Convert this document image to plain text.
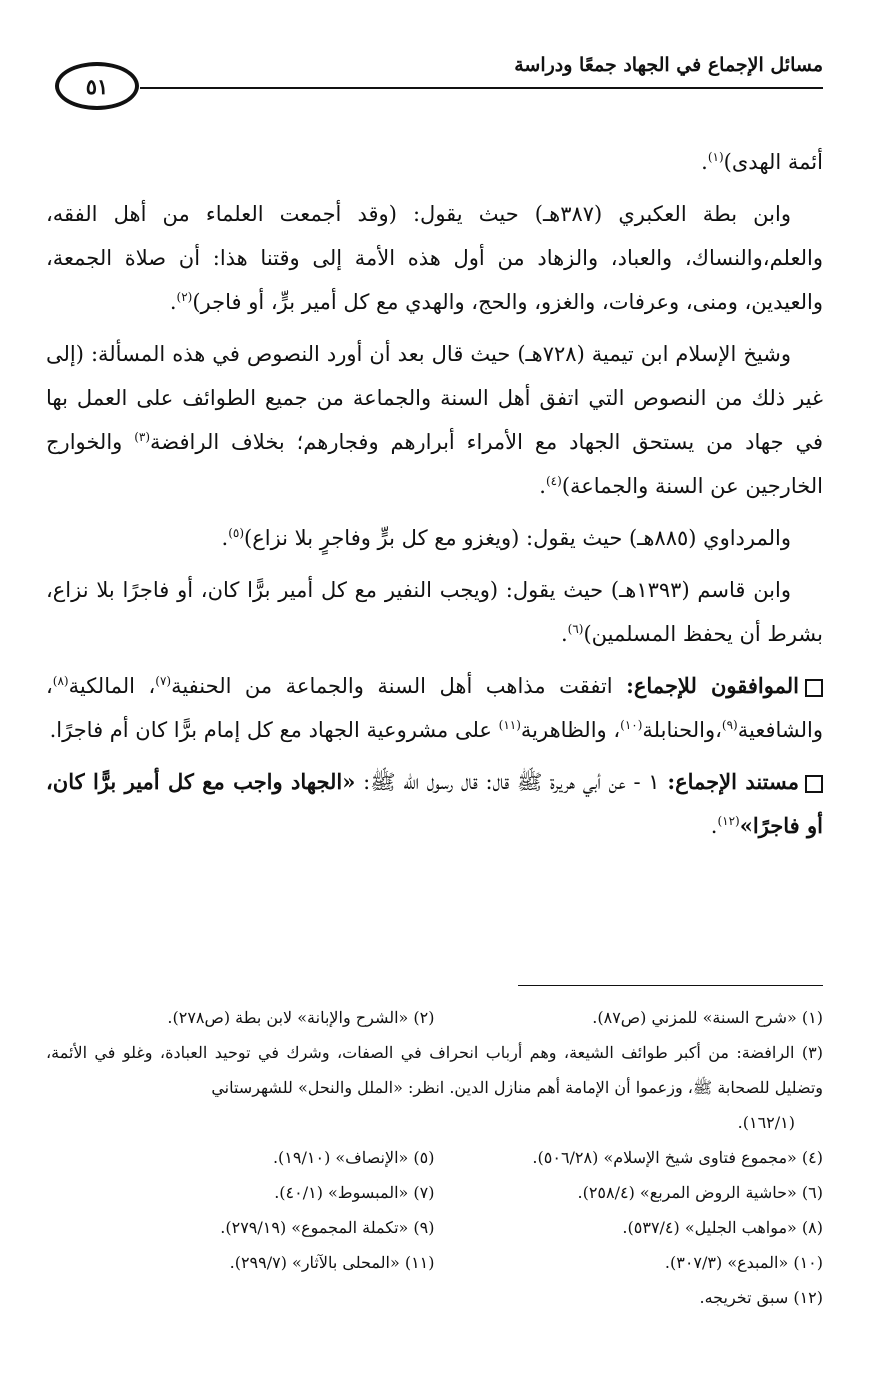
مسائل الإجماع في الجهاد جمعًا ودراسة
٥١

أئمة الهدى)$^{(١)}$.

وابن بطة العكبري (٣٨٧هـ) حيث يقول: (وقد أجمعت العلماء من أهل الفقه، والعلم،والنساك، والعباد، والزهاد من أول هذه الأمة إلى وقتنا هذا: أن صلاة الجمعة، والعيدين، ومنى، وعرفات، والغزو، والحج، والهدي مع كل أمير برٍّ، أو فاجر)$^{(٢)}$.

وشيخ الإسلام ابن تيمية (٧٢٨هـ) حيث قال بعد أن أورد النصوص في هذه المسألة: (إلى غير ذلك من النصوص التي اتفق أهل السنة والجماعة من جميع الطوائف على العمل بها في جهاد من يستحق الجهاد مع الأمراء أبرارهم وفجارهم؛ بخلاف الرافضة$^{(٣)}$ والخوارج الخارجين عن السنة والجماعة)$^{(٤)}$.

والمرداوي (٨٨٥هـ) حيث يقول: (ويغزو مع كل برٍّ وفاجرٍ بلا نزاع)$^{(٥)}$.

وابن قاسم (١٣٩٣هـ) حيث يقول: (ويجب النفير مع كل أمير برًّا كان، أو فاجرًا بلا نزاع، بشرط أن يحفظ المسلمين)$^{(٦)}$.

الموافقون للإجماع: اتفقت مذاهب أهل السنة والجماعة من الحنفية$^{(٧)}$، المالكية$^{(٨)}$، والشافعية$^{(٩)}$،والحنابلة$^{(١٠)}$، والظاهرية$^{(١١)}$ على مشروعية الجهاد مع كل إمام برًّا كان أم فاجرًا.

مستند الإجماع: ١ - عن أبي هريرة ﷺ قال: قال رسول الله ﷺ: «الجهاد واجب مع كل أمير برًّا كان، أو فاجرًا»$^{(١٢)}$.

(١) «شرح السنة» للمزني (ص٨٧).
(٢) «الشرح والإبانة» لابن بطة (ص٢٧٨).
(٣) الرافضة: من أكبر طوائف الشيعة، وهم أرباب انحراف في الصفات، وشرك في توحيد العبادة، وغلو في الأئمة، وتضليل للصحابة ﷺ، وزعموا أن الإمامة أهم منازل الدين. انظر: «الملل والنحل» للشهرستاني
(١٦٢/١).
(٤) «مجموع فتاوى شيخ الإسلام» (٥٠٦/٢٨).
(٥) «الإنصاف» (١٩/١٠).
(٦) «حاشية الروض المربع» (٢٥٨/٤).
(٧) «المبسوط» (٤٠/١).
(٨) «مواهب الجليل» (٥٣٧/٤).
(٩) «تكملة المجموع» (٢٧٩/١٩).
(١٠) «المبدع» (٣٠٧/٣).
(١١) «المحلى بالآثار» (٢٩٩/٧).
(١٢) سبق تخريجه.
